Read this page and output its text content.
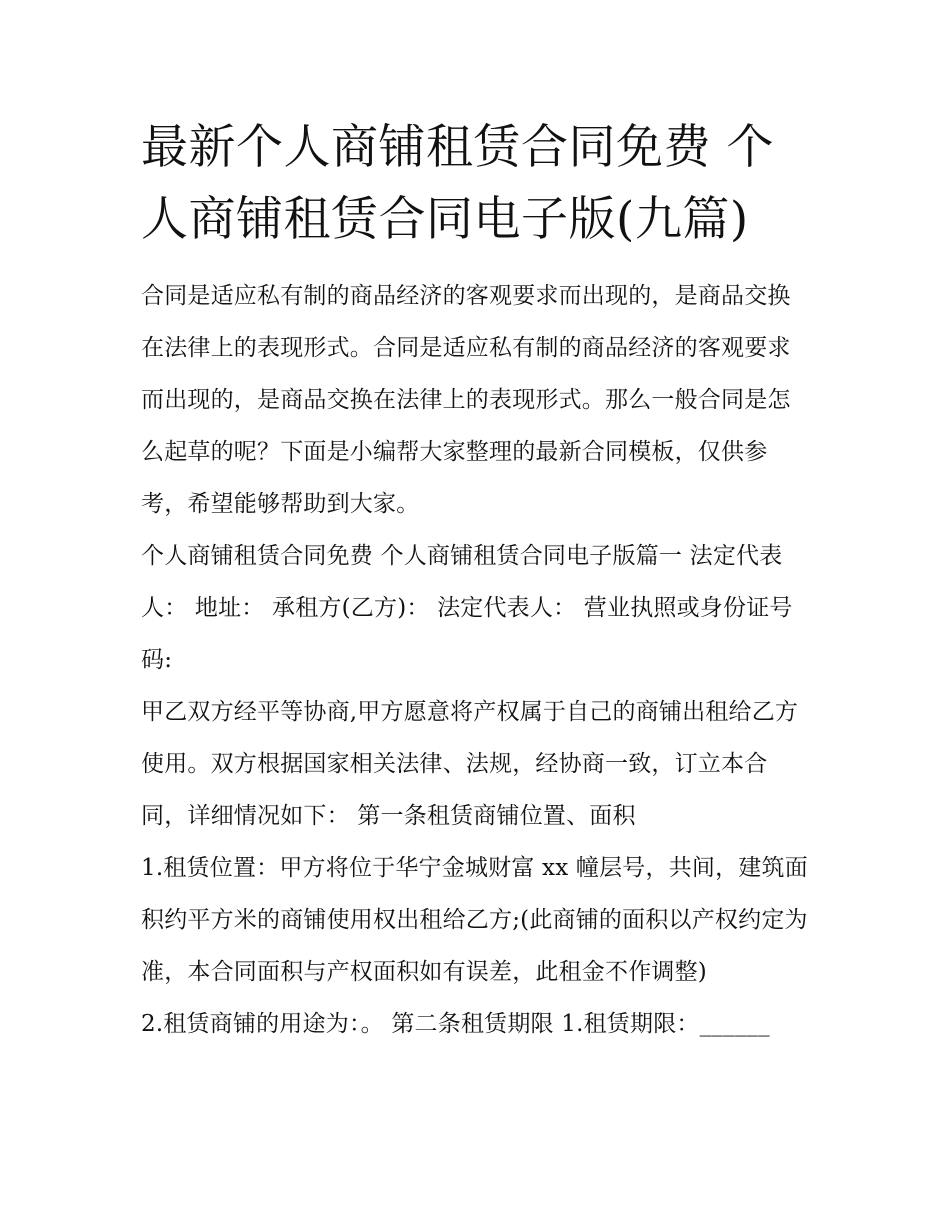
最新个人商铺租赁合同免费 个人商铺租赁合同电子版(九篇)

合同是适应私有制的商品经济的客观要求而出现的，是商品交换在法律上的表现形式。合同是适应私有制的商品经济的客观要求而出现的，是商品交换在法律上的表现形式。那么一般合同是怎么起草的呢？下面是小编帮大家整理的最新合同模板，仅供参考，希望能够帮助到大家。

个人商铺租赁合同免费 个人商铺租赁合同电子版篇一 法定代表人： 地址： 承租方(乙方)： 法定代表人： 营业执照或身份证号码:

甲乙双方经平等协商,甲方愿意将产权属于自己的商铺出租给乙方使用。双方根据国家相关法律、法规，经协商一致，订立本合同，详细情况如下： 第一条租赁商铺位置、面积

1.租赁位置：甲方将位于华宁金城财富 xx 幢层号，共间，建筑面积约平方米的商铺使用权出租给乙方;(此商铺的面积以产权约定为准，本合同面积与产权面积如有误差，此租金不作调整)

2.租赁商铺的用途为：。 第二条租赁期限 1.租赁期限：______
